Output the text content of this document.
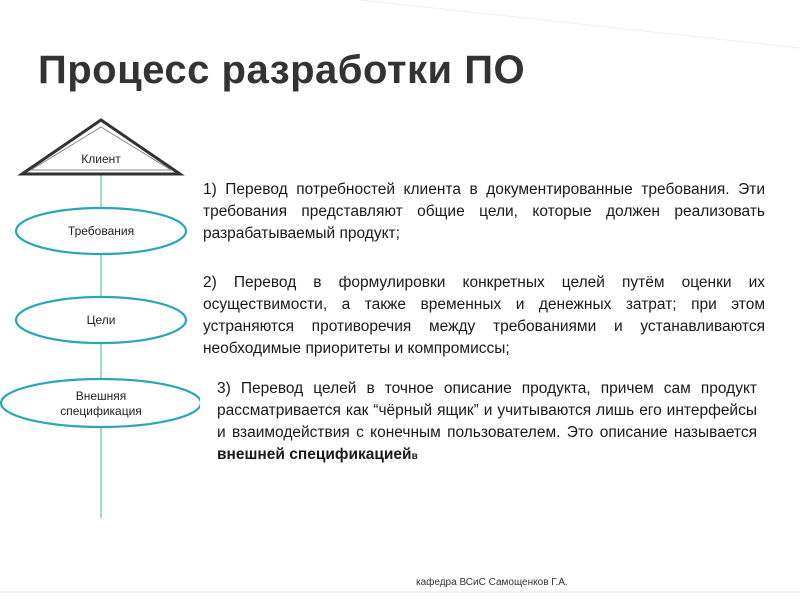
Процесс разработки ПО
Клиент
Требования
Цели
Внешняя
спецификация
1) Перевод потребностей клиента в документированные требования. Эти требования представляют общие цели, которые должен реализовать разрабатываемый продукт;
2) Перевод в формулировки конкретных целей путём оценки их осуществимости, а также временных и денежных затрат; при этом устраняются противоречия между требованиями и устанавливаются необходимые приоритеты и компромиссы;
3) Перевод целей в точное описание продукта, причем сам продукт рассматривается как “чёрный ящик” и учитываются лишь его интерфейсы и взаимодействия с конечным пользователем. Это описание называется внешней спецификациейв
кафедра ВСиС Самощенков Г.А.
